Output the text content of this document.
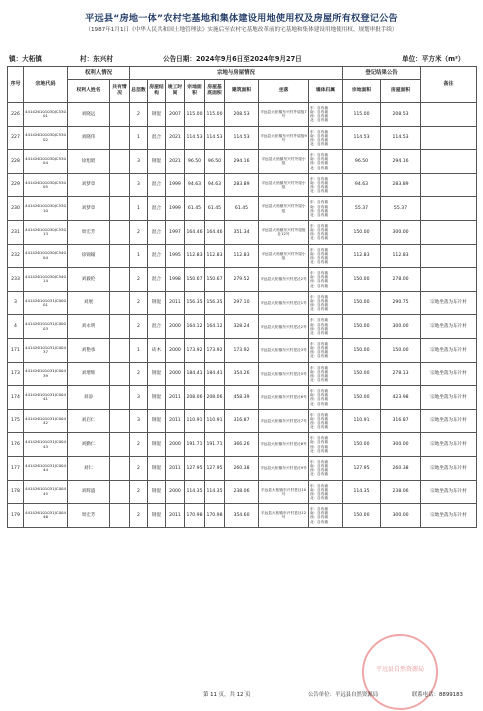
平远县“房地一体”农村宅基地和集体建设用地使用权及房屋所有权登记公告
（1987年1月1日《中华人民共和国土地管理法》实施后至农村宅基地改革前的宅基地和集体建设用地使用权、规划审批手续）
镇：大柘镇	村：东兴村	公告日期：2024年9月6日至2024年9月27日	单位：平方米（m²）
序号	宗地代码	权利人情况		宗地与房屋情况								登记结果公告		备注
		权利人姓名	共有情况	总层数	房屋结构	竣工时间	宗地面积	房屋基底面积	建筑面积	坐落	墙体归属	宗地面积	房屋面积	
226	441426101030JC53001	刘晓远		2	钢混	2007	115.00	115.00	208.53	平远县大柘镇东兴村外屋组7号	东：自有墙
南：自有墙
西：自有墙
北：自有墙	115.00	208.53	
227	441426101030JC53002	刘晓伟		1	混合	2021	114.53	114.53	114.53	平远县大柘镇东兴村外屋组9号	东：自有墙
南：自有墙
西：自有墙
北：自有墙	114.53	114.53	
228	441426101030JC53004	徐旭昭		3	钢混	2021	96.50	96.50	294.16	平远县大柘镇东兴村外屋小组	东：自有墙
南：自有墙
西：自有墙
北：自有墙	96.50	294.16	
229	441426101030JC53005	刘梦章		3	混合	1999	94.63	94.63	283.89	平远县大柘镇东兴村外屋小组	东：自有墙
南：自有墙
西：自有墙
北：自有墙	94.63	283.89	
230	441426101030JC53010	刘梦章		1	混合	1999	61.45	61.45	61.45	平远县大柘镇东兴村外屋小组	东：自有墙
南：自有墙
西：自有墙
北：自有墙	55.37	55.37	
231	441426101030JC53013	周宏芳		2	混合	1997	164.46	164.46	351.34	平远县大柘镇东兴村外屋组社12号	东：自有墙
南：自有墙
西：自有墙
北：自有墙	150.00	300.00	
232	441426101030JC54004	徐锦翰		1	混合	1995	112.83	112.83	112.83	平远县大柘镇东兴村外屋小组	东：自有墙
南：自有墙
西：自有墙
北：自有墙	112.83	112.83	
233	441426101030JC54014	刘毅伦		2	混合	1998	150.67	150.67	279.52	平远县大柘镇东兴村老社2号	东：自有墙
南：自有墙
西：自有墙
北：自有墙	150.00	278.00	
3	441426101031JC00001	刘展		2	钢混	2011	156.35	156.35	297.10	平远县大柘镇东兴村老社1号	东：自有墙
南：自有墙
西：自有墙
北：自有墙	150.00	290.75	宗地坐落为东片村
4	441426101031JC00003	刘永明		2	混合	2000	164.12	164.12	328.24	平远县大柘镇东兴村老社2号	东：自有墙
南：自有墙
西：自有墙
北：自有墙	150.00	300.00	宗地坐落为东片村
171	441426101031JC00437	刘艳承		1	砖木	2000	173.92	173.92	173.92	平远县大柘镇东兴村老社3号	东：自有墙
南：自有墙
西：自有墙
北：自有墙	150.00	150.00	宗地坐落为东片村
173	441426101031JC00439	刘增辉		2	钢混	2000	184.41	184.41	354.26	平远县大柘镇东兴村老社5号	东：自有墙
南：自有墙
西：自有墙
北：自有墙	150.00	278.13	宗地坐落为东片村
174	441426101031JC00441	刘添		3	钢混	2011	208.06	208.06	458.39	平远县大柘镇东兴村老社6号	东：自有墙
南：自有墙
西：自有墙
北：自有墙	150.00	423.98	宗地坐落为东片村
175	441426101031JC00442	刘启仁		3	钢混	2011	110.91	110.91	316.87	平远县大柘镇东兴村老社7号	东：自有墙
南：自有墙
西：自有墙
北：自有墙	110.91	316.87	宗地坐落为东片村
176	441426101031JC00443	刘勤仁		2	钢混	2000	191.71	191.71	366.26	平远县大柘镇东兴村老社8号	东：自有墙
南：自有墙
西：自有墙
北：自有墙	150.00	300.00	宗地坐落为东片村
177	441426101031JC00444	刘仁		2	钢混	2011	127.95	127.95	260.38	平远县大柘镇东兴村老社9号	东：自有墙
南：自有墙
西：自有墙
北：自有墙	127.95	260.38	宗地坐落为东片村
178	441426101031JC00445	刘辉盛		2	钢混	2000	114.35	114.35	238.06	平远县大柘镇东兴村老社10号	东：自有墙
南：自有墙
西：自有墙
北：自有墙	114.35	238.06	宗地坐落为东片村
179	441426101031JC00446	周宏芳		2	钢混	2011	170.98	170.98	354.60	平远县大柘镇东兴村老社12号	东：自有墙
南：自有墙
西：自有墙
北：自有墙	150.00	300.00	宗地坐落为东片村
平远县自然资源局
第 11 页，共 12 页	公告单位：平远县自然资源局	联系电话：8899183
